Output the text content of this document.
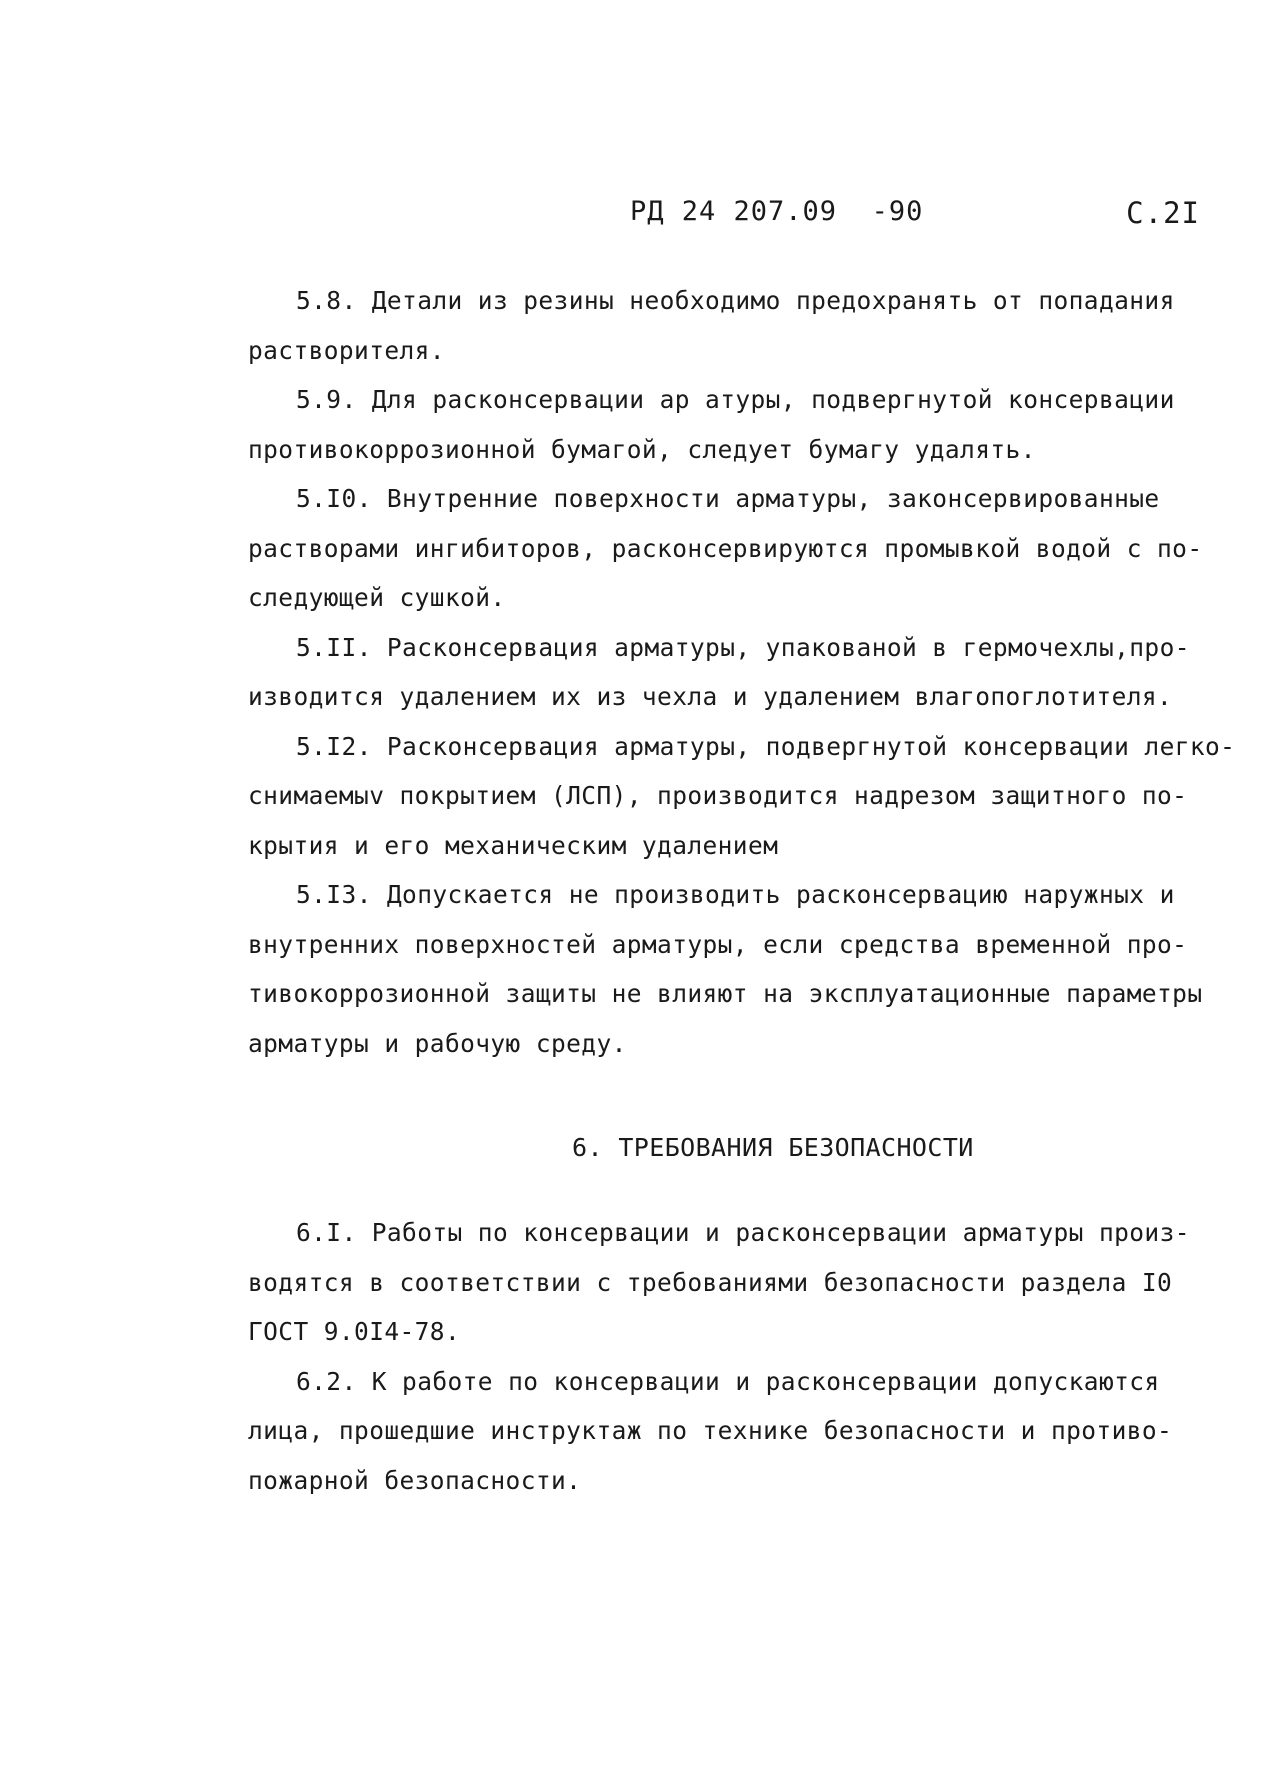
РД 24 207.09  -90	С.2I
5.8. Детали из резины необходимо предохранять от попадания
растворителя.
5.9. Для расконсервации ар атуры, подвергнутой консервации
противокоррозионной бумагой, следует бумагу удалять.
5.I0. Внутренние поверхности арматуры, законсервированные
растворами ингибиторов, расконсервируются промывкой водой с по-
следующей сушкой.
5.II. Расконсервация арматуры, упакованой в гермочехлы,про-
изводится удалением их из чехла и удалением влагопоглотителя.
5.I2. Расконсервация арматуры, подвергнутой консервации легко-
снимаемыv покрытием (ЛСП), производится надрезом защитного по-
крытия и его механическим удалением
5.I3. Допускается не производить расконсервацию наружных и
внутренних поверхностей арматуры, если средства временной про-
тивокоррозионной защиты не влияют на эксплуатационные параметры
арматуры и рабочую среду.
6. ТРЕБОВАНИЯ БЕЗОПАСНОСТИ
6.I. Работы по консервации и расконсервации арматуры произ-
водятся в соответствии с требованиями безопасности раздела I0
ГОСТ 9.0I4-78.
6.2. К работе по консервации и расконсервации допускаются
лица, прошедшие инструктаж по технике безопасности и противо-
пожарной безопасности.
